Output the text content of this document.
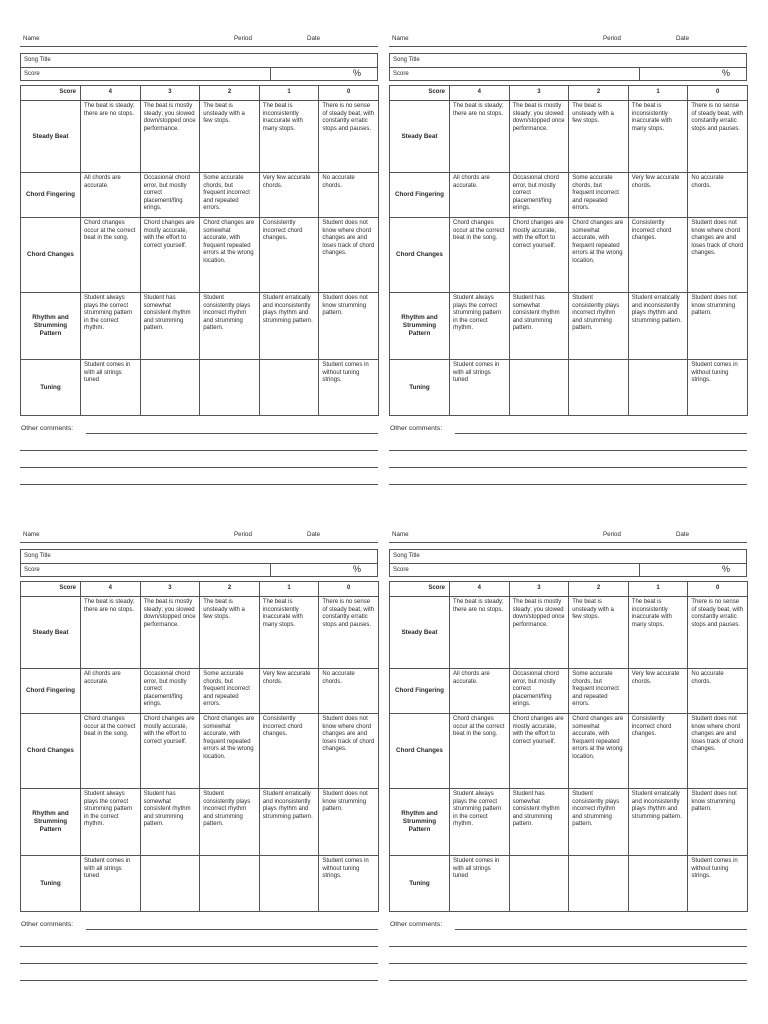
Name	Period	Date
Song Title
Score	%
Score	4	3	2	1	0
Steady Beat	The beat is steady; there are no stops.	The beat is mostly steady; you slowed down/stopped once performance.	The beat is unsteady with a few stops.	The beat is inconsistently inaccurate with many stops.	There is no sense of steady beat, with constantly erratic stops and pauses.
Chord Fingering	All chords are accurate.	Occasional chord error, but mostly correct placement/fing erings.	Some accurate chords, but frequent incorrect and repeated errors.	Very few accurate chords.	No accurate chords.
Chord Changes	Chord changes occur at the correct beat in the song.	Chord changes are mostly accurate, with the effort to correct yourself.	Chord changes are somewhat accurate, with frequent repeated errors at the wrong location.	Consistently incorrect chord changes.	Student does not know where chord changes are and loses track of chord changes.
Rhythm and Strumming Pattern	Student always plays the correct strumming pattern in the correct rhythm.	Student has somewhat consistent rhythm and strumming pattern.	Student consistently plays incorrect rhythm and strumming pattern.	Student erratically and inconsistently plays rhythm and strumming pattern.	Student does not know strumming pattern.
Tuning	Student comes in with all strings tuned				Student comes in without tuning strings.
Other comments:
Name	Period	Date
Song Title
Score	%
Score	4	3	2	1	0
Steady Beat	The beat is steady; there are no stops.	The beat is mostly steady; you slowed down/stopped once performance.	The beat is unsteady with a few stops.	The beat is inconsistently inaccurate with many stops.	There is no sense of steady beat, with constantly erratic stops and pauses.
Chord Fingering	All chords are accurate.	Occasional chord error, but mostly correct placement/fing erings.	Some accurate chords, but frequent incorrect and repeated errors.	Very few accurate chords.	No accurate chords.
Chord Changes	Chord changes occur at the correct beat in the song.	Chord changes are mostly accurate, with the effort to correct yourself.	Chord changes are somewhat accurate, with frequent repeated errors at the wrong location.	Consistently incorrect chord changes.	Student does not know where chord changes are and loses track of chord changes.
Rhythm and Strumming Pattern	Student always plays the correct strumming pattern in the correct rhythm.	Student has somewhat consistent rhythm and strumming pattern.	Student consistently plays incorrect rhythm and strumming pattern.	Student erratically and inconsistently plays rhythm and strumming pattern.	Student does not know strumming pattern.
Tuning	Student comes in with all strings tuned				Student comes in without tuning strings.
Other comments:
Name	Period	Date
Song Title
Score	%
Score	4	3	2	1	0
Steady Beat	The beat is steady; there are no stops.	The beat is mostly steady; you slowed down/stopped once performance.	The beat is unsteady with a few stops.	The beat is inconsistently inaccurate with many stops.	There is no sense of steady beat, with constantly erratic stops and pauses.
Chord Fingering	All chords are accurate.	Occasional chord error, but mostly correct placement/fing erings.	Some accurate chords, but frequent incorrect and repeated errors.	Very few accurate chords.	No accurate chords.
Chord Changes	Chord changes occur at the correct beat in the song.	Chord changes are mostly accurate, with the effort to correct yourself.	Chord changes are somewhat accurate, with frequent repeated errors at the wrong location.	Consistently incorrect chord changes.	Student does not know where chord changes are and loses track of chord changes.
Rhythm and Strumming Pattern	Student always plays the correct strumming pattern in the correct rhythm.	Student has somewhat consistent rhythm and strumming pattern.	Student consistently plays incorrect rhythm and strumming pattern.	Student erratically and inconsistently plays rhythm and strumming pattern.	Student does not know strumming pattern.
Tuning	Student comes in with all strings tuned				Student comes in without tuning strings.
Other comments:
Name	Period	Date
Song Title
Score	%
Score	4	3	2	1	0
Steady Beat	The beat is steady; there are no stops.	The beat is mostly steady; you slowed down/stopped once performance.	The beat is unsteady with a few stops.	The beat is inconsistently inaccurate with many stops.	There is no sense of steady beat, with constantly erratic stops and pauses.
Chord Fingering	All chords are accurate.	Occasional chord error, but mostly correct placement/fing erings.	Some accurate chords, but frequent incorrect and repeated errors.	Very few accurate chords.	No accurate chords.
Chord Changes	Chord changes occur at the correct beat in the song.	Chord changes are mostly accurate, with the effort to correct yourself.	Chord changes are somewhat accurate, with frequent repeated errors at the wrong location.	Consistently incorrect chord changes.	Student does not know where chord changes are and loses track of chord changes.
Rhythm and Strumming Pattern	Student always plays the correct strumming pattern in the correct rhythm.	Student has somewhat consistent rhythm and strumming pattern.	Student consistently plays incorrect rhythm and strumming pattern.	Student erratically and inconsistently plays rhythm and strumming pattern.	Student does not know strumming pattern.
Tuning	Student comes in with all strings tuned				Student comes in without tuning strings.
Other comments:
